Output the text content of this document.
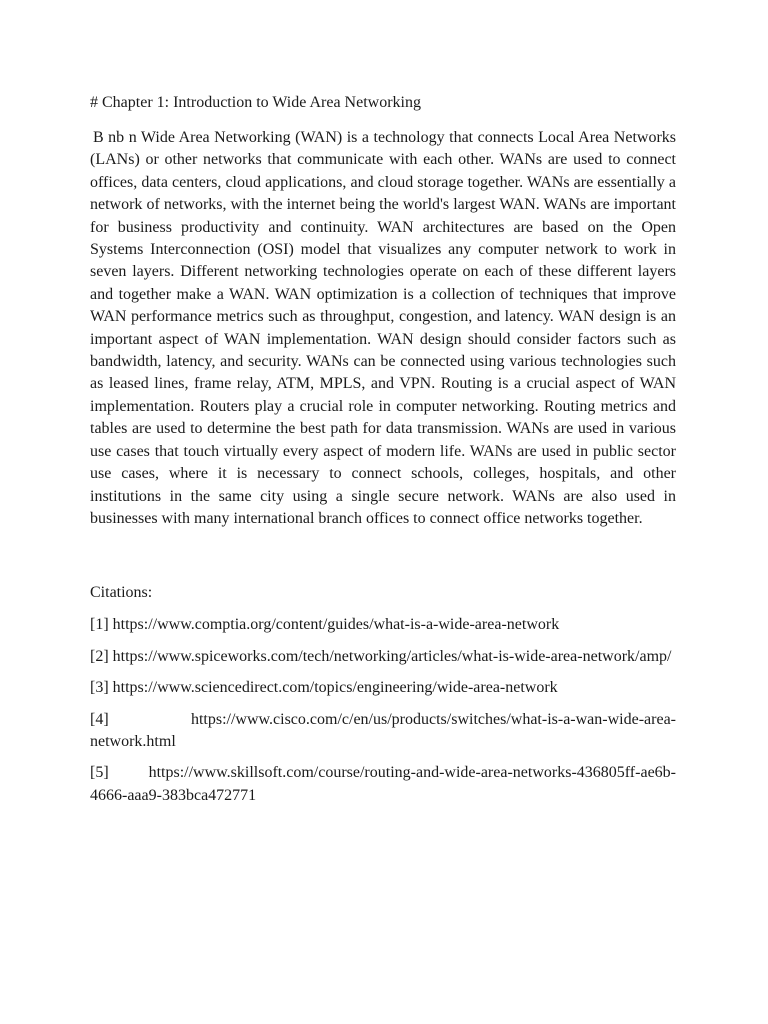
# Chapter 1: Introduction to Wide Area Networking

B nb n Wide Area Networking (WAN) is a technology that connects Local Area Networks (LANs) or other networks that communicate with each other. WANs are used to connect offices, data centers, cloud applications, and cloud storage together. WANs are essentially a network of networks, with the internet being the world's largest WAN. WANs are important for business productivity and continuity. WAN architectures are based on the Open Systems Interconnection (OSI) model that visualizes any computer network to work in seven layers. Different networking technologies operate on each of these different layers and together make a WAN. WAN optimization is a collection of techniques that improve WAN performance metrics such as throughput, congestion, and latency. WAN design is an important aspect of WAN implementation. WAN design should consider factors such as bandwidth, latency, and security. WANs can be connected using various technologies such as leased lines, frame relay, ATM, MPLS, and VPN. Routing is a crucial aspect of WAN implementation. Routers play a crucial role in computer networking. Routing metrics and tables are used to determine the best path for data transmission. WANs are used in various use cases that touch virtually every aspect of modern life. WANs are used in public sector use cases, where it is necessary to connect schools, colleges, hospitals, and other institutions in the same city using a single secure network. WANs are also used in businesses with many international branch offices to connect office networks together.

Citations:

[1] https://www.comptia.org/content/guides/what-is-a-wide-area-network

[2] https://www.spiceworks.com/tech/networking/articles/what-is-wide-area-network/amp/

[3] https://www.sciencedirect.com/topics/engineering/wide-area-network

[4]	https://www.cisco.com/c/en/us/products/switches/what-is-a-wan-wide-area-network.html

[5] https://www.skillsoft.com/course/routing-and-wide-area-networks-436805ff-ae6b-4666-aaa9-383bca472771
